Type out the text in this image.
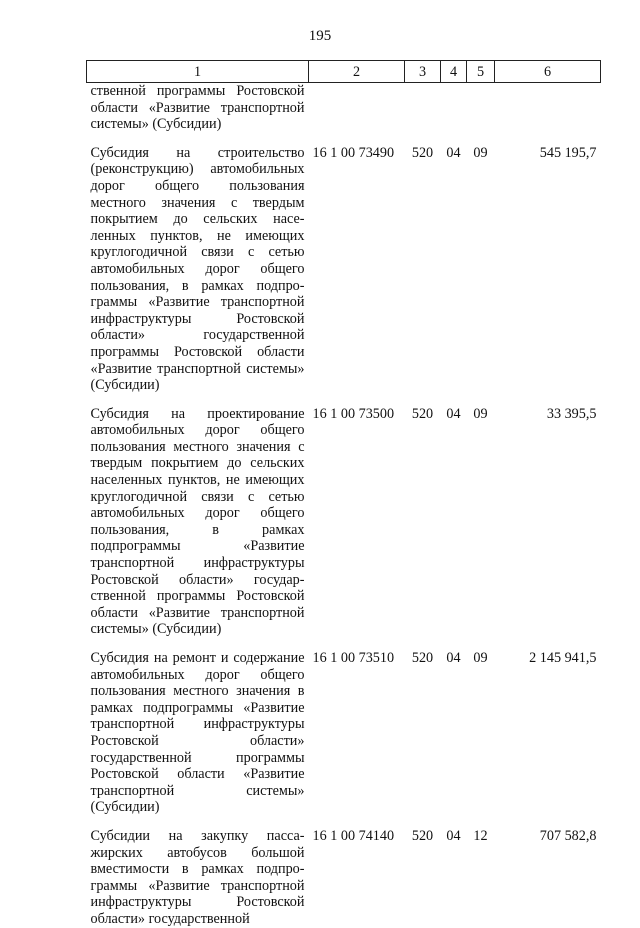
195
1	2	3	4	5	6
ственной программы Ростовской области «Развитие транспортной системы» (Субсидии)					
Субсидия на строительство (реконструкцию) автомобильных дорог общего пользования местного значения с твердым покрытием до сельских населенных пунктов, не имеющих круглогодичной связи с сетью автомобильных дорог общего пользования, в рамках подпрограммы «Развитие транспортной инфраструктуры Ростовской области» государственной программы Ростовской области «Развитие транспортной системы» (Субсидии)	16 1 00 73490	520	04	09	545 195,7
Субсидия на проектирование автомобильных дорог общего пользования местного значения с твердым покрытием до сельских населенных пунктов, не имеющих круглогодичной связи с сетью автомобильных дорог общего пользования, в рамках подпрограммы «Развитие транспортной инфраструктуры Ростовской области» государственной программы Ростовской области «Развитие транспортной системы» (Субсидии)	16 1 00 73500	520	04	09	33 395,5
Субсидия на ремонт и содержание автомобильных дорог общего пользования местного значения в рамках подпрограммы «Развитие транспортной инфраструктуры Ростовской области» государственной программы Ростовской области «Развитие транспортной системы» (Субсидии)	16 1 00 73510	520	04	09	2 145 941,5
Субсидии на закупку пассажирских автобусов большой вместимости в рамках подпрограммы «Развитие транспортной инфраструктуры Ростовской области» государственной	16 1 00 74140	520	04	12	707 582,8
